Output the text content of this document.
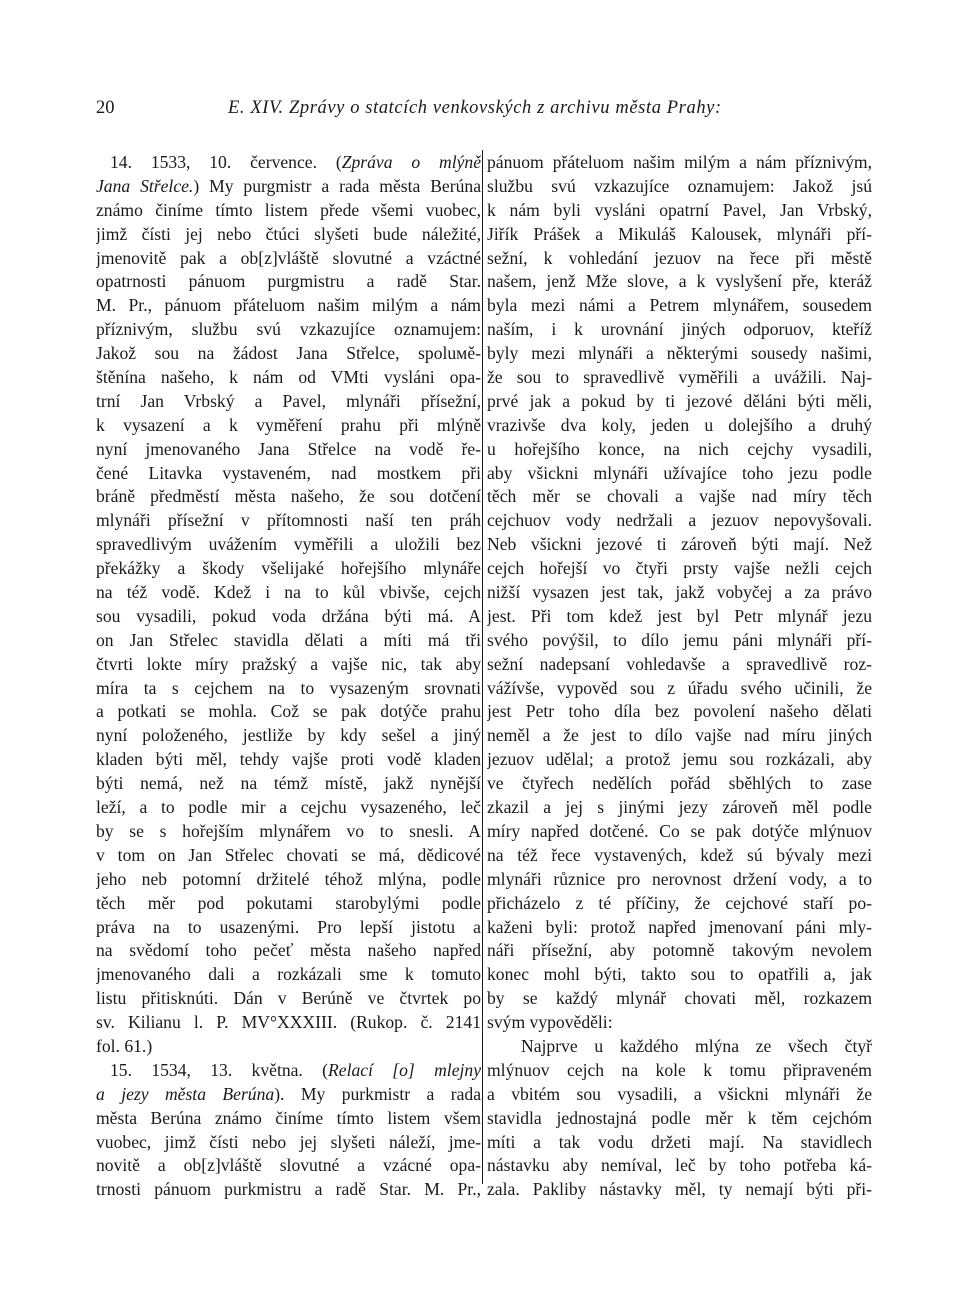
20	E. XIV. Zprávy o statcích venkovských z archivu města Prahy:
14. 1533, 10. července. (Zpráva o mlýně
Jana Střelce.) My purgmistr a rada města Berúna
známo činíme tímto listem přede všemi vuobec,
jimž čísti jej nebo čtúci slyšeti bude náležité,
jmenovitě pak a ob[z]vláště slovutné a vzáctné
opatrnosti pánuom purgmistru a radě Star.
M. Pr., pánuom přáteluom našim milým a nám
příznivým, službu svú vzkazujíce oznamujem:
Jakož sou na žádost Jana Střelce, spoluмě-
štěnína našeho, k nám od VMti vysláni opa-
trní Jan Vrbský a Pavel, mlynáři přísežní,
k vysazení a k vyměření prahu při mlýně
nyní jmenovaného Jana Střelce na vodě ře-
čené Litavka vystaveném, nad mostkem při
bráně předměstí města našeho, že sou dotčení
mlynáři přísežní v přítomnosti naší ten práh
spravedlivým uvážením vyměřili a uložili bez
překážky a škody všelijaké hořejšího mlynáře
na též vodě. Kdež i na to kůl vbivše, cejch
sou vysadili, pokud voda držána býti má. A
on Jan Střelec stavidla dělati a míti má tři
čtvrti lokte míry pražský a vajše nic, tak aby
míra ta s cejchem na to vysazeným srovnati
a potkati se mohla. Což se pak dotýče prahu
nyní položeného, jestliže by kdy sešel a jiný
kladen býti měl, tehdy vajše proti vodě kladen
býti nemá, než na témž místě, jakž nynější
leží, a to podle mir a cejchu vysazeného, leč
by se s hořejším mlynářem vo to snesli. A
v tom on Jan Střelec chovati se má, dědicové
jeho neb potomní držitelé téhož mlýna, podle
těch měr pod pokutami starobylými podle
práva na to usazenými. Pro lepší jistotu a
na svědomí toho pečeť města našeho napřed
jmenovaného dali a rozkázali sme k tomuto
listu přitisknúti. Dán v Berúně ve čtvrtek po
sv. Kilianu l. P. MV°XXXIII. (Rukop. č. 2141
fol. 61.)
15. 1534, 13. května. (Relací [o] mlejny
a jezy města Berúna). My purkmistr a rada
města Berúna známo činíme tímto listem všem
vuobec, jimž čísti nebo jej slyšeti náleží, jme-
novitě a ob[z]vláště slovutné a vzácné opa-
trnosti pánuom purkmistru a radě Star. M. Pr.,
pánuom přáteluom našim milým a nám příznivým,
službu svú vzkazujíce oznamujem: Jakož jsú
k nám byli vysláni opatrní Pavel, Jan Vrbský,
Jiřík Prášek a Mikuláš Kalousek, mlynáři pří-
sežní, k vohledání jezuov na řece při městě
našem, jenž Mže slove, a k vyslyšení pře, kteráž
byla mezi námi a Petrem mlynářem, sousedem
naším, i k urovnání jiných odporuov, kteříž
byly mezi mlynáři a některými sousedy našimi,
že sou to spravedlivě vyměřili a uvážili. Naj-
prvé jak a pokud by ti jezové děláni býti měli,
vrazivše dva koly, jeden u dolejšího a druhý
u hořejšího konce, na nich cejchy vysadili,
aby všickni mlynáři užívajíce toho jezu podle
těch měr se chovali a vajše nad míry těch
cejchuov vody nedržali a jezuov nepovyšovali.
Neb všickni jezové ti zároveň býti mají. Než
cejch hořejší vo čtyři prsty vajše nežli cejch
nižší vysazen jest tak, jakž vobyčej a za právo
jest. Při tom kdež jest byl Petr mlynář jezu
svého povýšil, to dílo jemu páni mlynáři pří-
sežní nadepsaní vohledavše a spravedlivě roz-
vážívše, vypověd sou z úřadu svého učinili, že
jest Petr toho díla bez povolení našeho dělati
neměl a že jest to dílo vajše nad míru jiných
jezuov udělal; a protož jemu sou rozkázali, aby
ve čtyřech nedělích pořád sběhlých to zase
zkazil a jej s jinými jezy zároveň měl podle
míry napřed dotčené. Co se pak dotýče mlýnuov
na též řece vystavených, kdež sú bývaly mezi
mlynáři různice pro nerovnost držení vody, a to
přicházelo z té příčiny, že cejchové staří po-
kaženi byli: protož napřed jmenovaní páni mly-
náři přísežní, aby potomně takovým nevolem
konec mohl býti, takto sou to opatřili a, jak
by se každý mlynář chovati měl, rozkazem
svým vypověděli:
Najprve u každého mlýna ze všech čtyř
mlýnuov cejch na kole k tomu připraveném
a vbitém sou vysadili, a všickni mlynáři že
stavidla jednostajná podle měr k těm cejchóm
míti a tak vodu držeti mají. Na stavidlech
nástavku aby nemíval, leč by toho potřeba ká-
zala. Pakliby nástavky měl, ty nemají býti při-
